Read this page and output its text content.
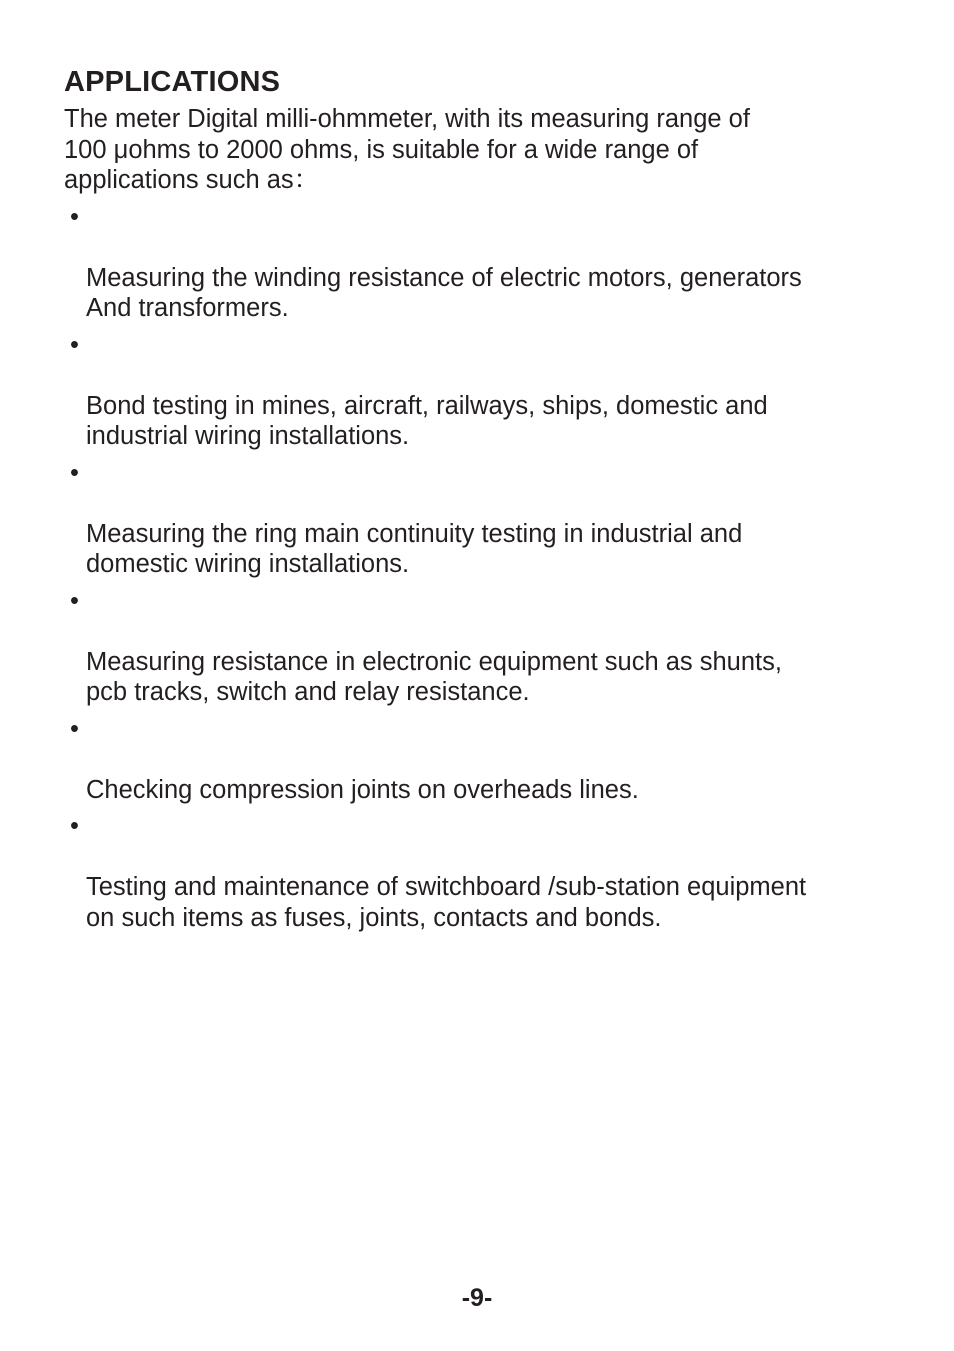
APPLICATIONS

The meter Digital milli-ohmmeter, with its measuring range of
100 μohms to 2000 ohms, is suitable for a wide range of
applications such as：

•

Measuring the winding resistance of electric motors, generators
And transformers.

•

Bond testing in mines, aircraft, railways, ships, domestic and
industrial wiring installations.

•

Measuring the ring main continuity testing in industrial and
domestic wiring installations.

•

Measuring resistance in electronic equipment such as shunts,
pcb tracks, switch and relay resistance.

•

Checking compression joints on overheads lines.

•

Testing and maintenance of switchboard /sub-station equipment
on such items as fuses, joints, contacts and bonds.

-9-
